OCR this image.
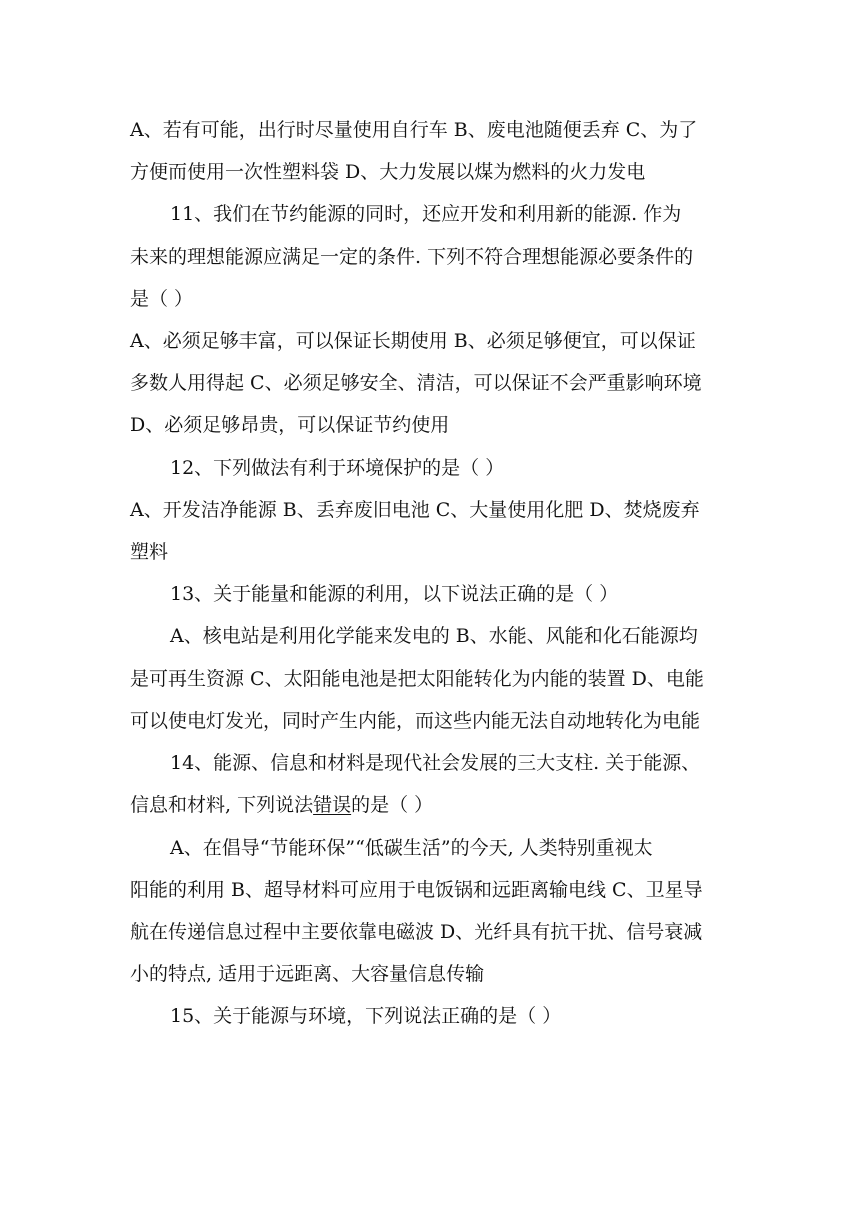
A、若有可能，出行时尽量使用自行车 B、废电池随便丢弃 C、为了
方便而使用一次性塑料袋 D、大力发展以煤为燃料的火力发电
11、我们在节约能源的同时，还应开发和利用新的能源. 作为
未来的理想能源应满足一定的条件. 下列不符合理想能源必要条件的
是（ ）
A、必须足够丰富，可以保证长期使用 B、必须足够便宜，可以保证
多数人用得起 C、必须足够安全、清洁，可以保证不会严重影响环境
D、必须足够昂贵，可以保证节约使用
12、下列做法有利于环境保护的是（ ）
A、开发洁净能源 B、丢弃废旧电池 C、大量使用化肥 D、焚烧废弃
塑料
13、关于能量和能源的利用，以下说法正确的是（ ）
A、核电站是利用化学能来发电的 B、水能、风能和化石能源均
是可再生资源 C、太阳能电池是把太阳能转化为内能的装置 D、电能
可以使电灯发光，同时产生内能，而这些内能无法自动地转化为电能
14、能源、信息和材料是现代社会发展的三大支柱. 关于能源、
信息和材料, 下列说法错误的是（ ）
A、在倡导“节能环保”“低碳生活”的今天, 人类特别重视太
阳能的利用 B、超导材料可应用于电饭锅和远距离输电线 C、卫星导
航在传递信息过程中主要依靠电磁波 D、光纤具有抗干扰、信号衰减
小的特点, 适用于远距离、大容量信息传输
15、关于能源与环境，下列说法正确的是（ ）
